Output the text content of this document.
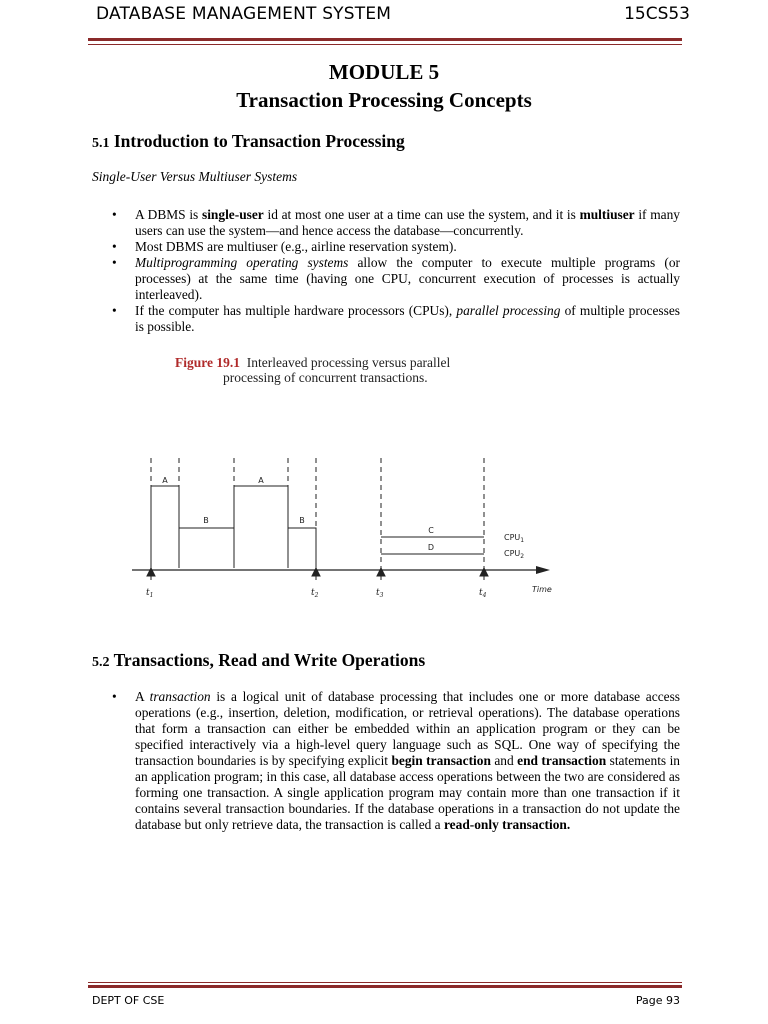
DATABASE MANAGEMENT SYSTEM	15CS53
MODULE 5
Transaction Processing Concepts
5.1 Introduction to Transaction Processing
Single-User Versus Multiuser Systems
• A DBMS is single-user id at most one user at a time can use the system, and it is multiuser if many users can use the system—and hence access the database—concurrently.
• Most DBMS are multiuser (e.g., airline reservation system).
• Multiprogramming operating systems allow the computer to execute multiple programs (or processes) at the same time (having one CPU, concurrent execution of processes is actually interleaved).
• If the computer has multiple hardware processors (CPUs), parallel processing of multiple processes is possible.
Figure 19.1 Interleaved processing versus parallel
processing of concurrent transactions.
A	A
B	B
C
D
$CPU_1$
$CPU_2$
Time
$t_1$	$t_2$	$t_3$	$t_4$
5.2 Transactions, Read and Write Operations
• A transaction is a logical unit of database processing that includes one or more database access operations (e.g., insertion, deletion, modification, or retrieval operations). The database operations that form a transaction can either be embedded within an application program or they can be specified interactively via a high-level query language such as SQL. One way of specifying the transaction boundaries is by specifying explicit begin transaction and end transaction statements in an application program; in this case, all database access operations between the two are considered as forming one transaction. A single application program may contain more than one transaction if it contains several transaction boundaries. If the database operations in a transaction do not update the database but only retrieve data, the transaction is called a read-only transaction.
DEPT OF CSE	Page 93
